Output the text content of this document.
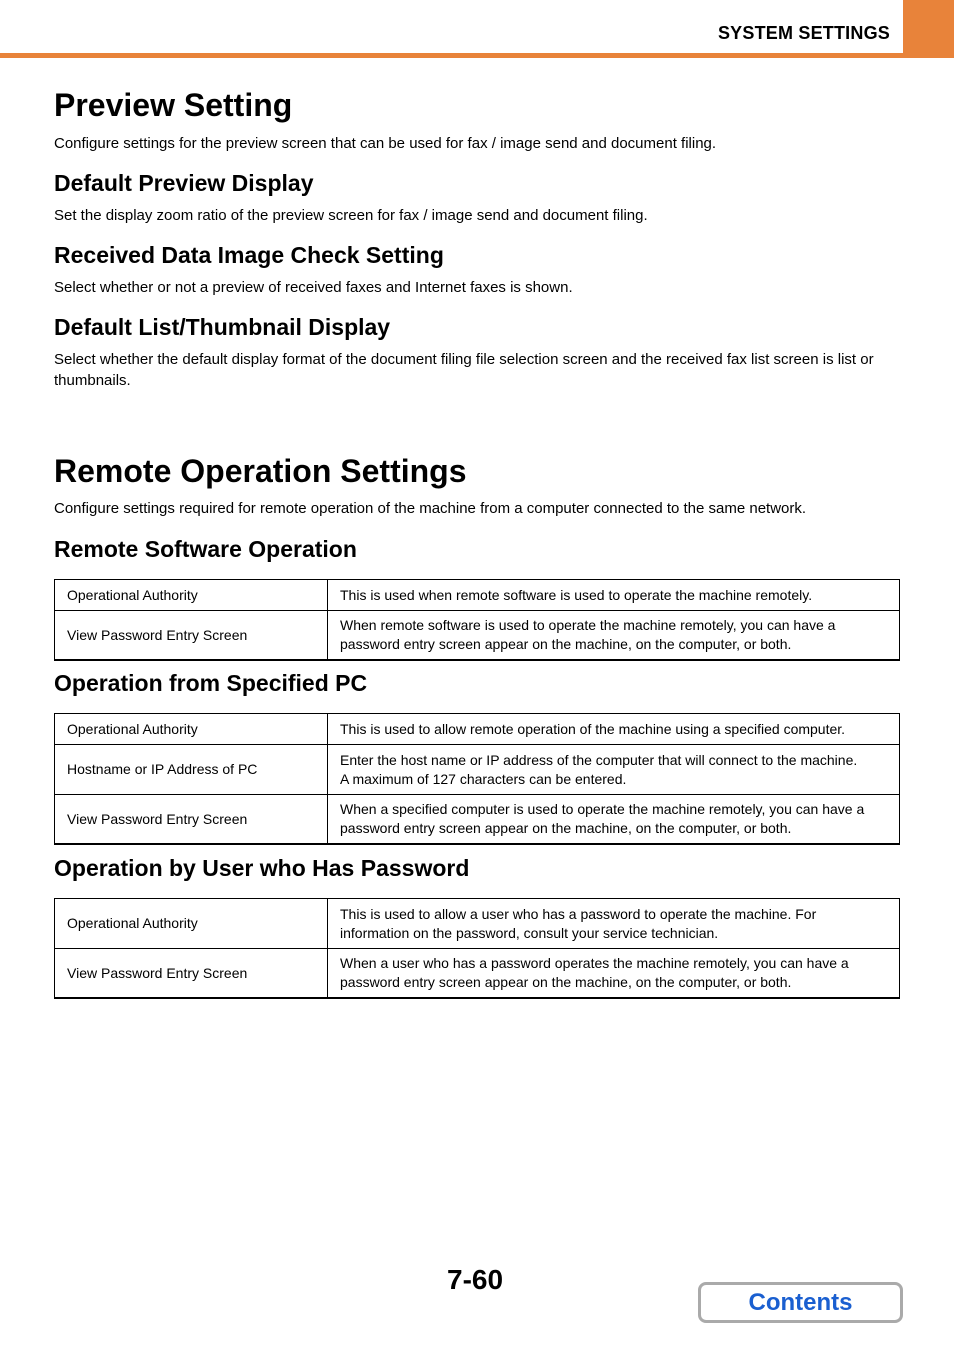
SYSTEM SETTINGS
Preview Setting

Configure settings for the preview screen that can be used for fax / image send and document filing.

Default Preview Display

Set the display zoom ratio of the preview screen for fax / image send and document filing.

Received Data Image Check Setting

Select whether or not a preview of received faxes and Internet faxes is shown.

Default List/Thumbnail Display

Select whether the default display format of the document filing file selection screen and the received fax list screen is list or thumbnails.

Remote Operation Settings

Configure settings required for remote operation of the machine from a computer connected to the same network.

Remote Software Operation
Operational Authority	This is used when remote software is used to operate the machine remotely.
View Password Entry Screen	When remote software is used to operate the machine remotely, you can have a password entry screen appear on the machine, on the computer, or both.
Operation from Specified PC
Operational Authority	This is used to allow remote operation of the machine using a specified computer.
Hostname or IP Address of PC	Enter the host name or IP address of the computer that will connect to the machine.
A maximum of 127 characters can be entered.

View Password Entry Screen	When a specified computer is used to operate the machine remotely, you can have a password entry screen appear on the machine, on the computer, or both.
Operation by User who Has Password
Operational Authority	This is used to allow a user who has a password to operate the machine. For information on the password, consult your service technician.
View Password Entry Screen	When a user who has a password operates the machine remotely, you can have a password entry screen appear on the machine, on the computer, or both.
7-60
Contents
